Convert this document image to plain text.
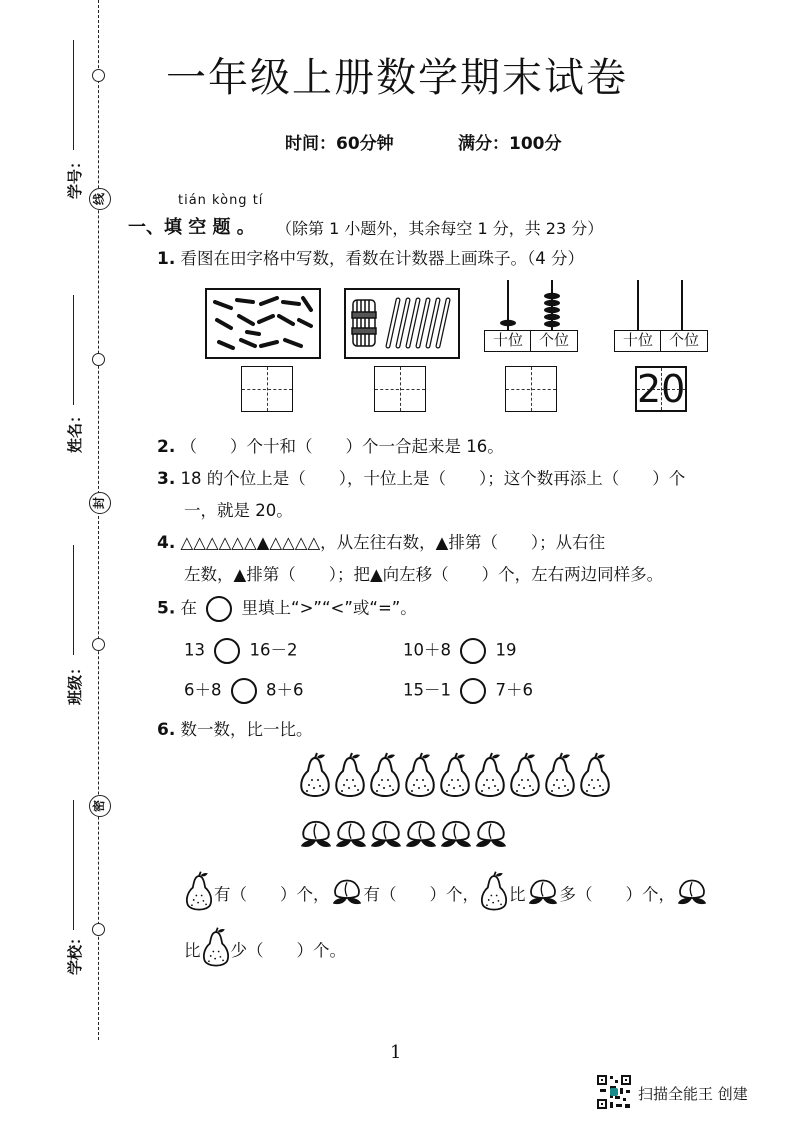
学号：
姓名：
班级：
学校：
线
封
密
一年级上册数学期末试卷
时间：60分钟	满分：100分
tián kòng tí
一、填 空 题 。 （除第 1 小题外，其余每空 1 分，共 23 分）
1. 看图在田字格中写数，看数在计数器上画珠子。（4 分）
十位	个位	十位	个位
20
2. （　　）个十和（　　）个一合起来是 16。
3. 18 的个位上是（　　），十位上是（　　）；这个数再添上（　　）个
一，就是 20。
4. △△△△△△▲△△△△，从左往右数，▲排第（　　）；从右往
左数，▲排第（　　）；把▲向左移（　　）个，左右两边同样多。
5. 在	里填上“>”“<”或“=”。
13	16－2	10＋8	19
6＋8	8＋6	15－1	7＋6
6. 数一数，比一比。
有（　　）个， 有（　　）个， 比 多（　　）个，
比 少（　　）个。
1
扫描全能王 创建
